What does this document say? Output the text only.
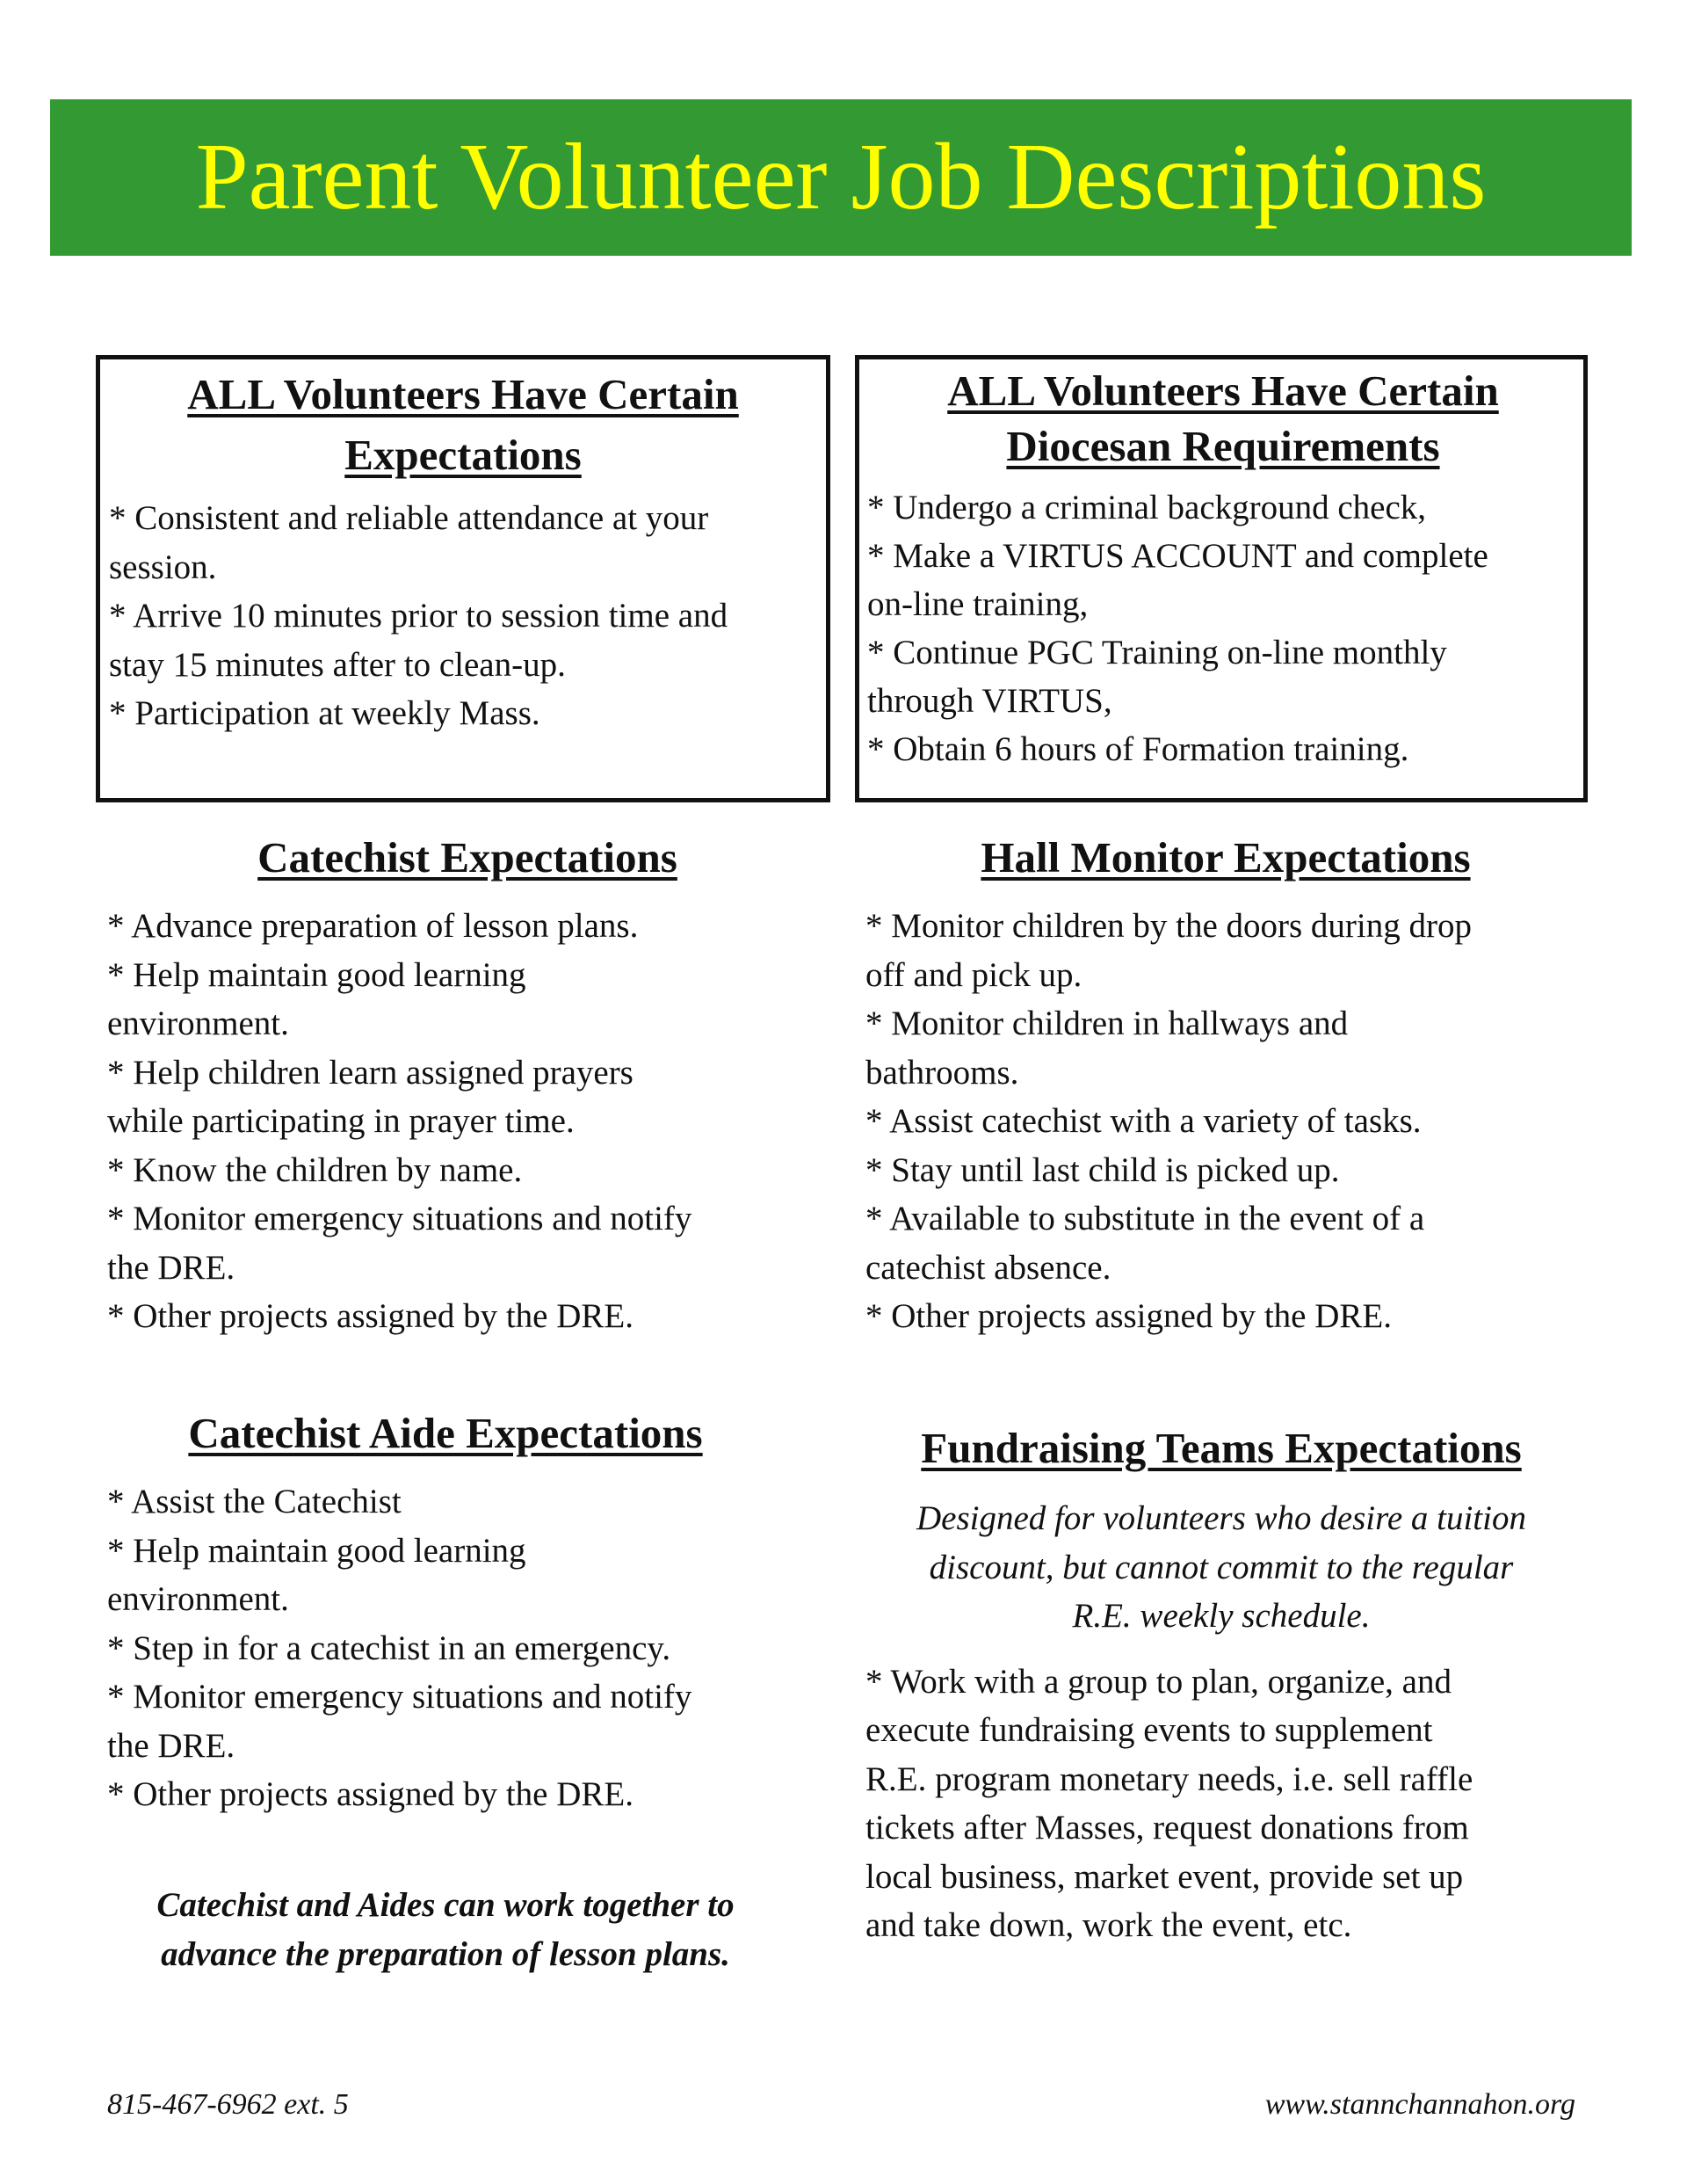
Parent Volunteer Job Descriptions
ALL Volunteers Have Certain
Expectations
* Consistent and reliable attendance at your
session.
* Arrive 10 minutes prior to session time and
stay 15 minutes after to clean-up.
* Participation at weekly Mass.
ALL Volunteers Have Certain
Diocesan Requirements
* Undergo a criminal background check,
* Make a VIRTUS ACCOUNT and complete
on-line training,
* Continue PGC Training on-line monthly
through VIRTUS,
* Obtain 6 hours of Formation training.
Catechist Expectations
* Advance preparation of lesson plans.
* Help maintain good learning
environment.
* Help children learn assigned prayers
while participating in prayer time.
* Know the children by name.
* Monitor emergency situations and notify
the DRE.
* Other projects assigned by the DRE.
Hall Monitor Expectations
* Monitor children by the doors during drop
off and pick up.
* Monitor children in hallways and
bathrooms.
* Assist catechist with a variety of tasks.
* Stay until last child is picked up.
* Available to substitute in the event of a
catechist absence.
* Other projects assigned by the DRE.
Catechist Aide Expectations
* Assist the Catechist
* Help maintain good learning
environment.
* Step in for a catechist in an emergency.
* Monitor emergency situations and notify
the DRE.
* Other projects assigned by the DRE.
Fundraising Teams Expectations
Designed for volunteers who desire a tuition
discount, but cannot commit to the regular
R.E. weekly schedule.
* Work with a group to plan, organize, and
execute fundraising events to supplement
R.E. program monetary needs, i.e. sell raffle
tickets after Masses, request donations from
local business, market event, provide set up
and take down, work the event, etc.
Catechist and Aides can work together to
advance the preparation of lesson plans.
815-467-6962 ext. 5	www.stannchannahon.org
